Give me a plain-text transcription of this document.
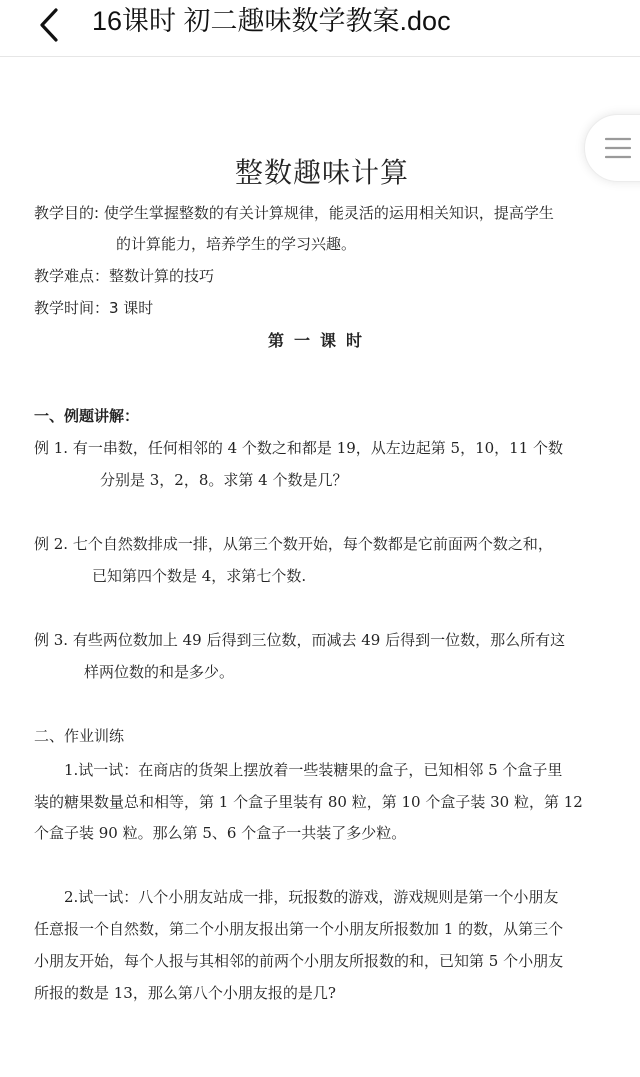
16课时 初二趣味数学教案.doc
整数趣味计算
教学目的: 使学生掌握整数的有关计算规律，能灵活的运用相关知识，提高学生
的计算能力，培养学生的学习兴趣。
教学难点：整数计算的技巧
教学时间：3 课时
第一课时
一、例题讲解：
例 1. 有一串数，任何相邻的 4 个数之和都是 19，从左边起第 5，10，11 个数
分别是 3，2，8。求第 4 个数是几？
例 2. 七个自然数排成一排，从第三个数开始，每个数都是它前面两个数之和，
已知第四个数是 4，求第七个数.
例 3. 有些两位数加上 49 后得到三位数，而减去 49 后得到一位数，那么所有这
样两位数的和是多少。
二、作业训练
1.试一试：在商店的货架上摆放着一些装糖果的盒子，已知相邻 5 个盒子里
装的糖果数量总和相等，第 1 个盒子里装有 80 粒，第 10 个盒子装 30 粒，第 12
个盒子装 90 粒。那么第 5、6 个盒子一共装了多少粒。
2.试一试：八个小朋友站成一排，玩报数的游戏，游戏规则是第一个小朋友
任意报一个自然数，第二个小朋友报出第一个小朋友所报数加 1 的数，从第三个
小朋友开始，每个人报与其相邻的前两个小朋友所报数的和，已知第 5 个小朋友
所报的数是 13，那么第八个小朋友报的是几?
